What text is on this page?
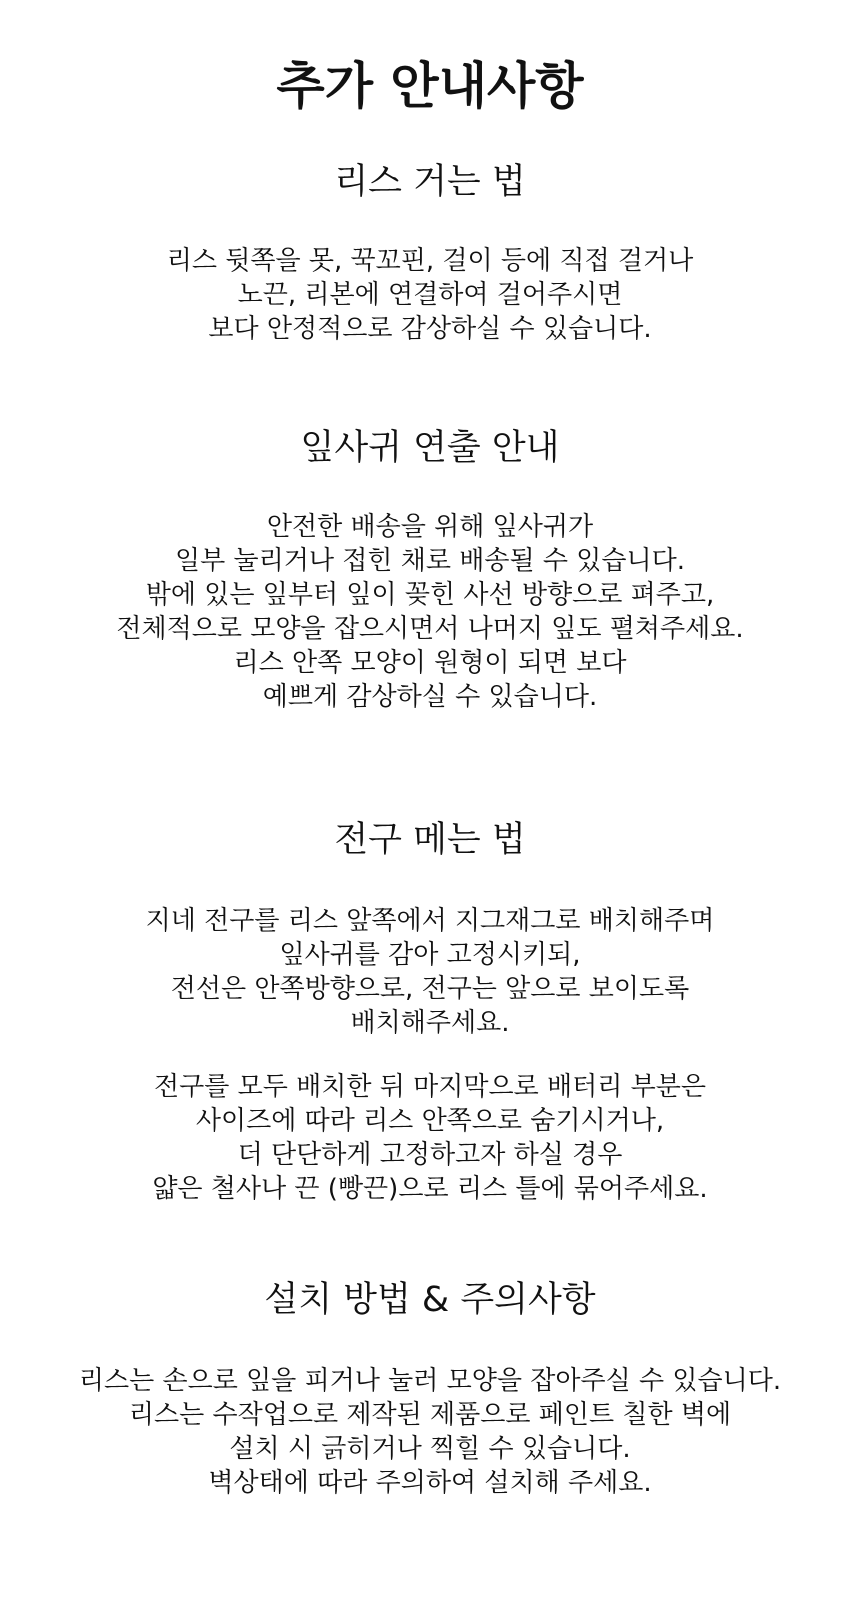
추가 안내사항
리스 거는 법

리스 뒷쪽을 못, 꾹꼬핀, 걸이 등에 직접 걸거나
노끈, 리본에 연결하여 걸어주시면
보다 안정적으로 감상하실 수 있습니다.

잎사귀 연출 안내

안전한 배송을 위해 잎사귀가
일부 눌리거나 접힌 채로 배송될 수 있습니다.
밖에 있는 잎부터 잎이 꽂힌 사선 방향으로 펴주고,
전체적으로 모양을 잡으시면서 나머지 잎도 펼쳐주세요.
리스 안쪽 모양이 원형이 되면 보다
예쁘게 감상하실 수 있습니다.

전구 메는 법

지네 전구를 리스 앞쪽에서 지그재그로 배치해주며
잎사귀를 감아 고정시키되,
전선은 안쪽방향으로, 전구는 앞으로 보이도록
배치해주세요.

전구를 모두 배치한 뒤 마지막으로 배터리 부분은
사이즈에 따라 리스 안쪽으로 숨기시거나,
더 단단하게 고정하고자 하실 경우
얇은 철사나 끈 (빵끈)으로 리스 틀에 묶어주세요.

설치 방법 & 주의사항

리스는 손으로 잎을 피거나 눌러 모양을 잡아주실 수 있습니다.
리스는 수작업으로 제작된 제품으로 페인트 칠한 벽에
설치 시 긁히거나 찍힐 수 있습니다.
벽상태에 따라 주의하여 설치해 주세요.
